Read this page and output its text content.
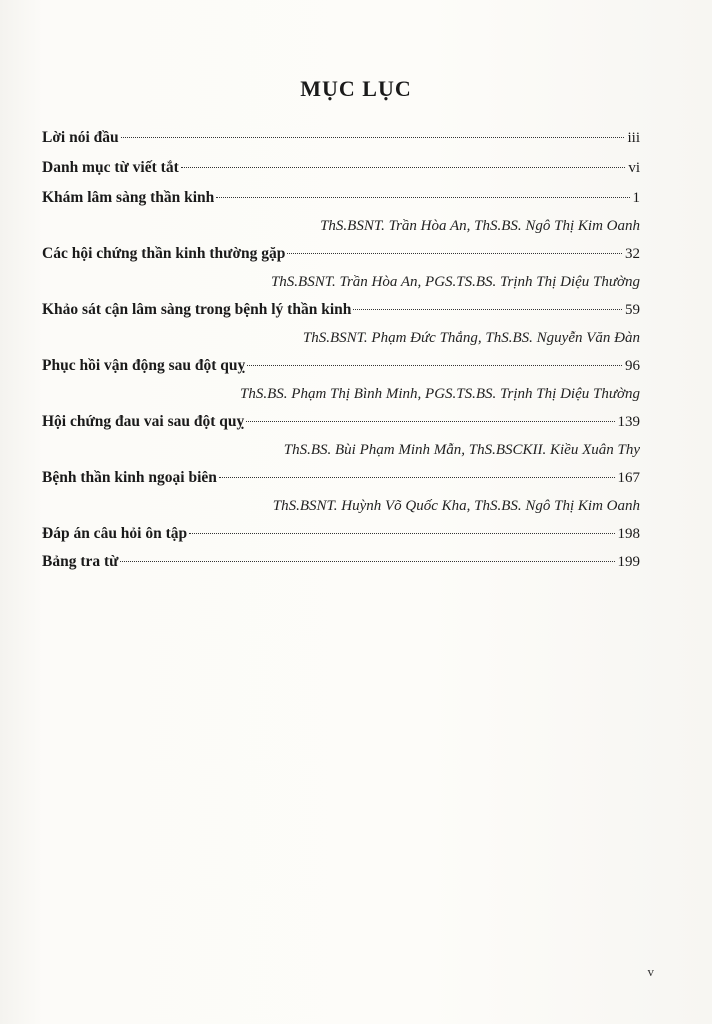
MỤC LỤC
Lời nói đầu	iii
Danh mục từ viết tắt	vi
Khám lâm sàng thần kinh	1
ThS.BSNT. Trần Hòa An, ThS.BS. Ngô Thị Kim Oanh
Các hội chứng thần kinh thường gặp	32
ThS.BSNT. Trần Hòa An, PGS.TS.BS. Trịnh Thị Diệu Thường
Khảo sát cận lâm sàng trong bệnh lý thần kinh	59
ThS.BSNT. Phạm Đức Thắng, ThS.BS. Nguyễn Văn Đàn
Phục hồi vận động sau đột quỵ	96
ThS.BS. Phạm Thị Bình Minh, PGS.TS.BS. Trịnh Thị Diệu Thường
Hội chứng đau vai sau đột quỵ	139
ThS.BS. Bùi Phạm Minh Mẫn, ThS.BSCKII. Kiều Xuân Thy
Bệnh thần kinh ngoại biên	167
ThS.BSNT. Huỳnh Võ Quốc Kha, ThS.BS. Ngô Thị Kim Oanh
Đáp án câu hỏi ôn tập	198
Bảng tra từ	199
v
